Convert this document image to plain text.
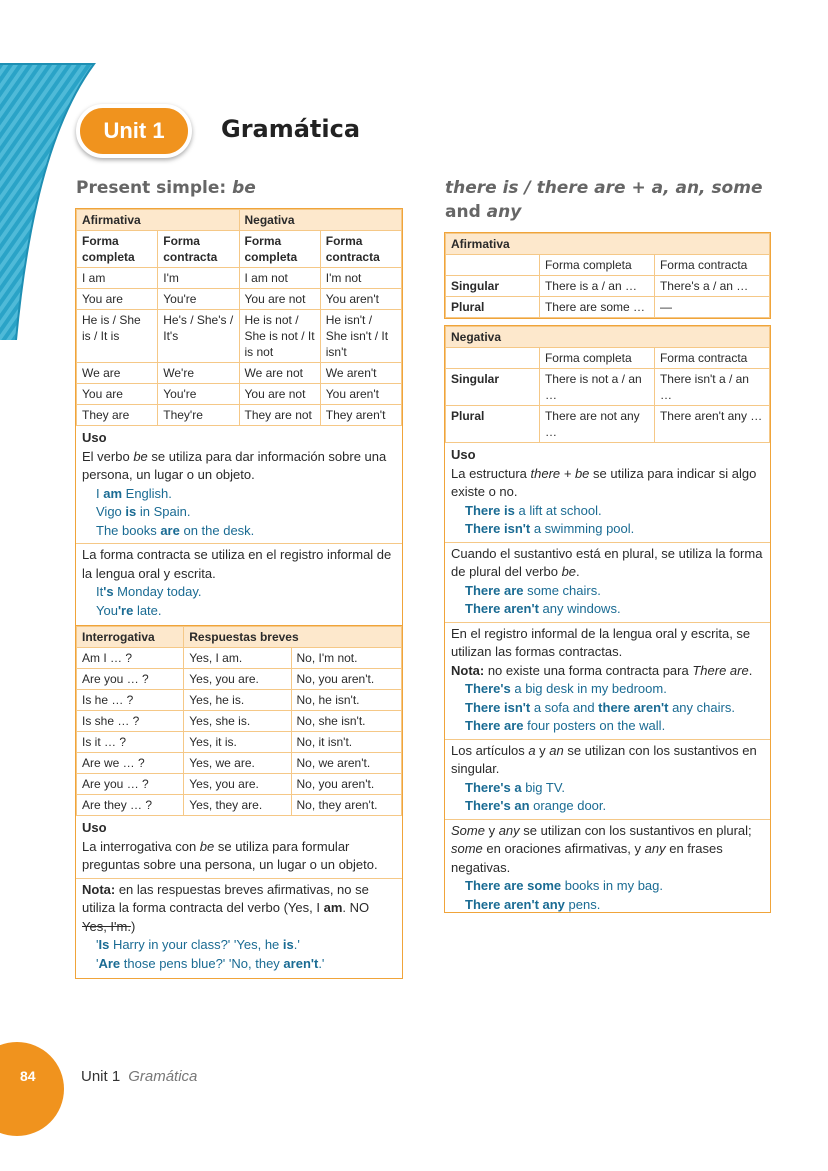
Unit 1	Gramática
Present simple: be
Afirmativa		Negativa	
Forma completa	Forma contracta	Forma completa	Forma contracta
I am	I'm	I am not	I'm not
You are	You're	You are not	You aren't
He is / She is / It is	He's / She's / It's	He is not / She is not / It is not	He isn't / She isn't / It isn't
We are	We're	We are not	We aren't
You are	You're	You are not	You aren't
They are	They're	They are not	They aren't
Uso
El verbo be se utiliza para dar información sobre una persona, un lugar o un objeto.
I am English.
Vigo is in Spain.
The books are on the desk.
La forma contracta se utiliza en el registro informal de la lengua oral y escrita.
It's Monday today.
You're late.
Interrogativa	Respuestas breves	
Am I … ?	Yes, I am.	No, I'm not.
Are you … ?	Yes, you are.	No, you aren't.
Is he … ?	Yes, he is.	No, he isn't.
Is she … ?	Yes, she is.	No, she isn't.
Is it … ?	Yes, it is.	No, it isn't.
Are we … ?	Yes, we are.	No, we aren't.
Are you … ?	Yes, you are.	No, you aren't.
Are they … ?	Yes, they are.	No, they aren't.
Uso
La interrogativa con be se utiliza para formular preguntas sobre una persona, un lugar o un objeto.
Nota: en las respuestas breves afirmativas, no se utiliza la forma contracta del verbo (Yes, I am. NO Yes, I'm.)
'Is Harry in your class?' 'Yes, he is.'
'Are those pens blue?' 'No, they aren't.'
there is / there are + a, an, some
and any
Afirmativa		
	Forma completa	Forma contracta
Singular	There is a / an …	There's a / an …
Plural	There are some …	—
Negativa		
	Forma completa	Forma contracta
Singular	There is not a / an …	There isn't a / an …
Plural	There are not any …	There aren't any …
Uso
La estructura there + be se utiliza para indicar si algo existe o no.
There is a lift at school.
There isn't a swimming pool.
Cuando el sustantivo está en plural, se utiliza la forma de plural del verbo be.
There are some chairs.
There aren't any windows.
En el registro informal de la lengua oral y escrita, se utilizan las formas contractas.
Nota: no existe una forma contracta para There are.
There's a big desk in my bedroom.
There isn't a sofa and there aren't any chairs.
There are four posters on the wall.
Los artículos a y an se utilizan con los sustantivos en singular.
There's a big TV.
There's an orange door.
Some y any se utilizan con los sustantivos en plural; some en oraciones afirmativas, y any en frases negativas.
There are some books in my bag.
There aren't any pens.
84	Unit 1 Gramática
